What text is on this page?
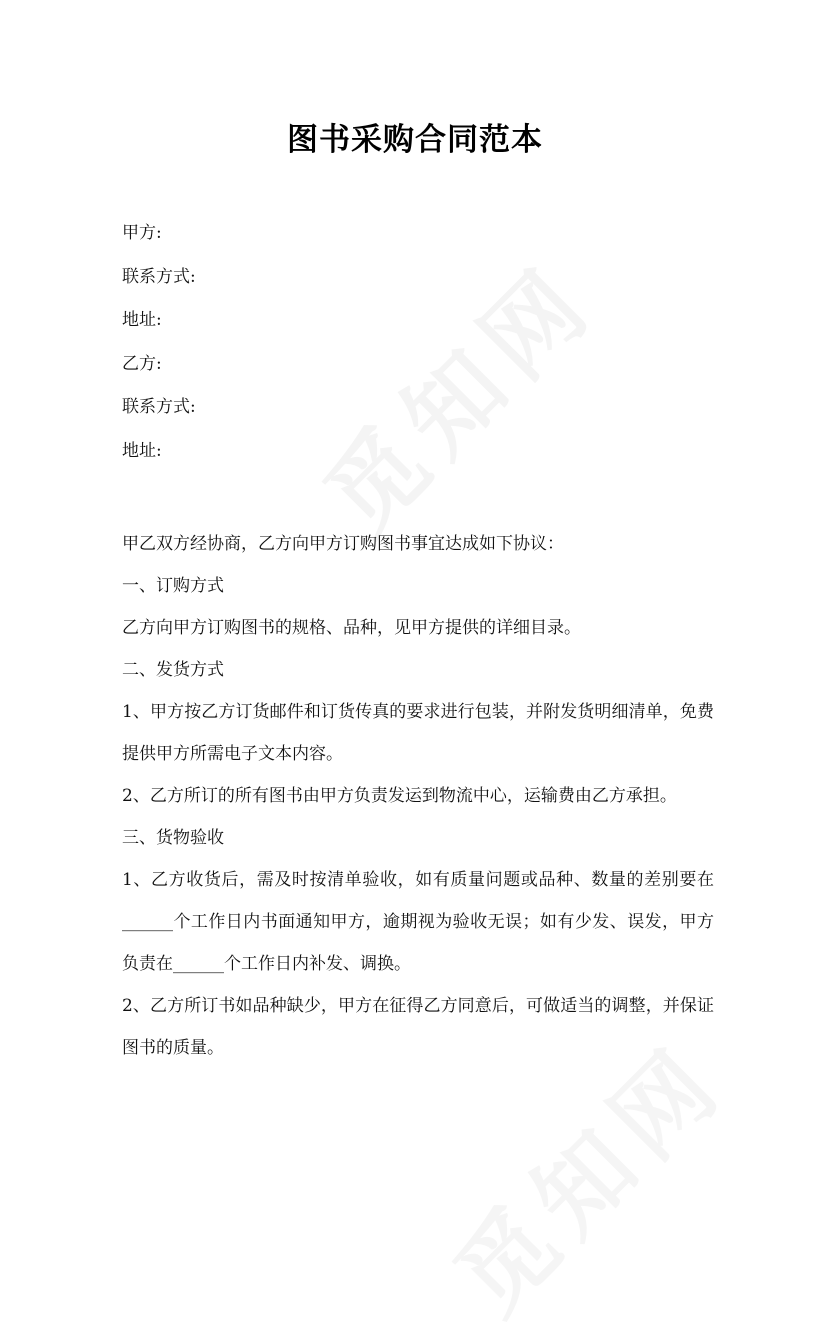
图书采购合同范本
甲方:
联系方式:
地址:
乙方:
联系方式:
地址:

甲乙双方经协商，乙方向甲方订购图书事宜达成如下协议：

一、订购方式

乙方向甲方订购图书的规格、品种，见甲方提供的详细目录。

二、发货方式

1、甲方按乙方订货邮件和订货传真的要求进行包装，并附发货明细清单，免费提供甲方所需电子文本内容。

2、乙方所订的所有图书由甲方负责发运到物流中心，运输费由乙方承担。

三、货物验收

1、乙方收货后，需及时按清单验收，如有质量问题或品种、数量的差别要在______个工作日内书面通知甲方，逾期视为验收无误；如有少发、误发，甲方负责在______个工作日内补发、调换。

2、乙方所订书如品种缺少，甲方在征得乙方同意后，可做适当的调整，并保证图书的质量。
